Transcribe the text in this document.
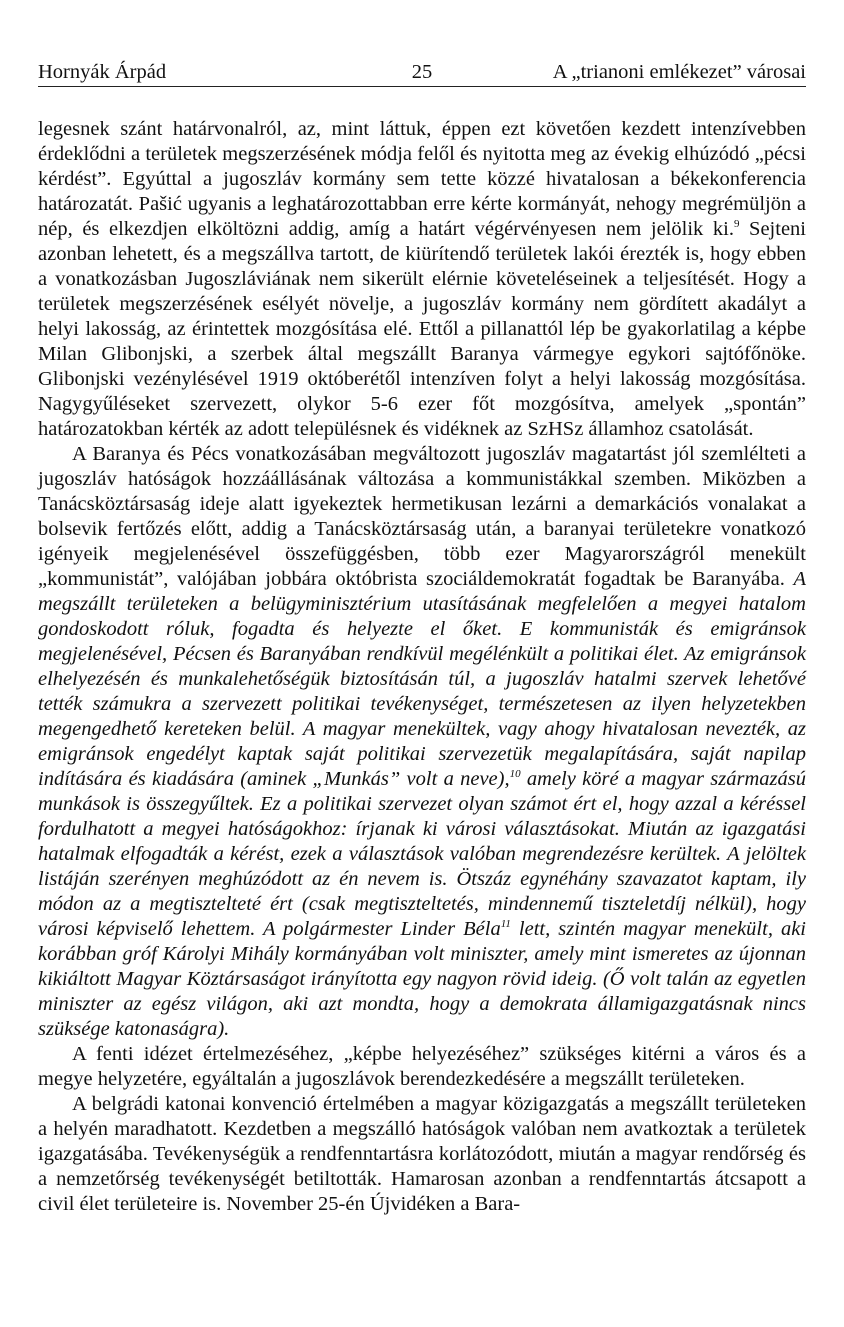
25
Hornyák Árpád	A „trianoni emlékezet” városai

legesnek szánt határvonalról, az, mint láttuk, éppen ezt követően kezdett intenzívebben érdeklődni a területek megszerzésének módja felől és nyitotta meg az évekig elhúzódó „pécsi kérdést”. Egyúttal a jugoszláv kormány sem tette közzé hivatalosan a békekonferencia határozatát. Pašić ugyanis a leghatározottabban erre kérte kormányát, nehogy megrémüljön a nép, és elkezdjen elköltözni addig, amíg a határt végérvényesen nem jelölik ki.$^9$ Sejteni azonban lehetett, és a megszállva tartott, de kiürítendő területek lakói érezték is, hogy ebben a vonatkozásban Jugoszláviának nem sikerült elérnie követeléseinek a teljesítését. Hogy a területek megszerzésének esélyét növelje, a jugoszláv kormány nem gördített akadályt a helyi lakosság, az érintettek mozgósítása elé. Ettől a pillanattól lép be gyakorlatilag a képbe Milan Glibonjski, a szerbek által megszállt Baranya vármegye egykori sajtófőnöke. Glibonjski vezénylésével 1919 októberétől intenzíven folyt a helyi lakosság mozgósítása. Nagygyűléseket szervezett, olykor 5-6 ezer főt mozgósítva, amelyek „spontán” határozatokban kérték az adott településnek és vidéknek az SzHSz államhoz csatolását.

A Baranya és Pécs vonatkozásában megváltozott jugoszláv magatartást jól szemlélteti a jugoszláv hatóságok hozzáállásának változása a kommunistákkal szemben. Miközben a Tanácsköztársaság ideje alatt igyekeztek hermetikusan lezárni a demarkációs vonalakat a bolsevik fertőzés előtt, addig a Tanácsköztársaság után, a baranyai területekre vonatkozó igényeik megjelenésével összefüggésben, több ezer Magyarországról menekült „kommunistát”, valójában jobbára októbrista szociáldemokratát fogadtak be Baranyába. A megszállt területeken a belügyminisztérium utasításának megfelelően a megyei hatalom gondoskodott róluk, fogadta és helyezte el őket. E kommunisták és emigránsok megjelenésével, Pécsen és Baranyában rendkívül megélénkült a politikai élet. Az emigránsok elhelyezésén és munkalehetőségük biztosításán túl, a jugoszláv hatalmi szervek lehetővé tették számukra a szervezett politikai tevékenységet, természetesen az ilyen helyzetekben megengedhető kereteken belül. A magyar menekültek, vagy ahogy hivatalosan nevezték, az emigránsok engedélyt kaptak saját politikai szervezetük megalapítására, saját napilap indítására és kiadására (aminek „Munkás” volt a neve),$^{10}$ amely köré a magyar származású munkások is összegyűltek. Ez a politikai szervezet olyan számot ért el, hogy azzal a kéréssel fordulhatott a megyei hatóságokhoz: írjanak ki városi választásokat. Miután az igazgatási hatalmak elfogadták a kérést, ezek a választások valóban megrendezésre kerültek. A jelöltek listáján szerényen meghúzódott az én nevem is. Ötszáz egynéhány szavazatot kaptam, ily módon az a megtisztelteté ért (csak megtiszteltetés, mindennemű tiszteletdíj nélkül), hogy városi képviselő lehettem. A polgármester Linder Béla$^{11}$ lett, szintén magyar menekült, aki korábban gróf Károlyi Mihály kormányában volt miniszter, amely mint ismeretes az újonnan kikiáltott Magyar Köztársaságot irányította egy nagyon rövid ideig. (Ő volt talán az egyetlen miniszter az egész világon, aki azt mondta, hogy a demokrata államigazgatásnak nincs szüksége katonaságra).

A fenti idézet értelmezéséhez, „képbe helyezéséhez” szükséges kitérni a város és a megye helyzetére, egyáltalán a jugoszlávok berendezkedésére a megszállt területeken.

A belgrádi katonai konvenció értelmében a magyar közigazgatás a megszállt területeken a helyén maradhatott. Kezdetben a megszálló hatóságok valóban nem avatkoztak a területek igazgatásába. Tevékenységük a rendfenntartásra korlátozódott, miután a magyar rendőrség és a nemzetőrség tevékenységét betiltották. Hamarosan azonban a rendfenntartás átcsapott a civil élet területeire is. November 25-én Újvidéken a Bara-
